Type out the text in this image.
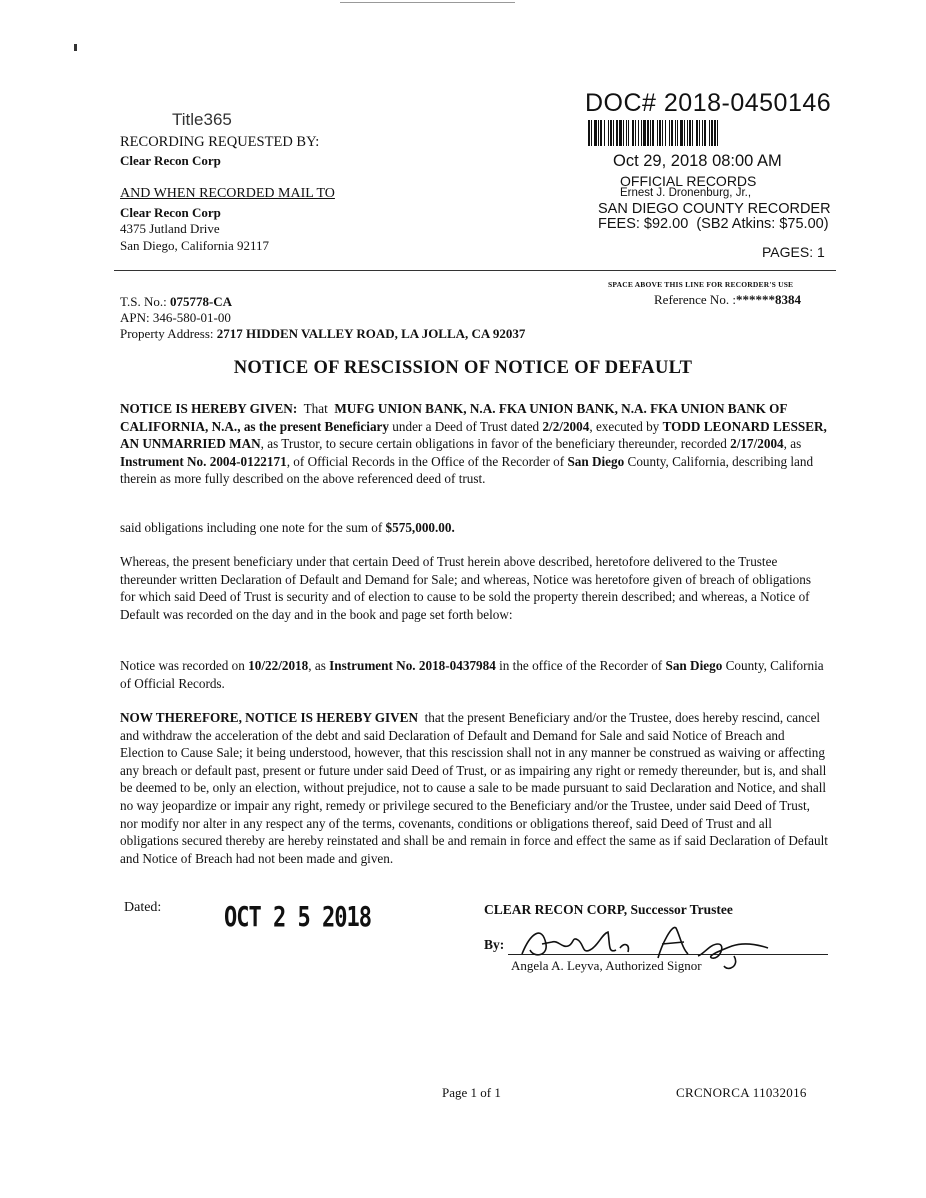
Title365
RECORDING REQUESTED BY:
Clear Recon Corp
AND WHEN RECORDED MAIL TO
Clear Recon Corp
4375 Jutland Drive
San Diego, California 92117
DOC# 2018-0450146
Oct 29, 2018 08:00 AM
OFFICIAL RECORDS
Ernest J. Dronenburg, Jr.,
SAN DIEGO COUNTY RECORDER
FEES: $92.00  (SB2 Atkins: $75.00)
PAGES: 1
SPACE ABOVE THIS LINE FOR RECORDER'S USE
Reference No. :******8384
T.S. No.: 075778-CA
APN: 346-580-01-00
Property Address: 2717 HIDDEN VALLEY ROAD, LA JOLLA, CA 92037
NOTICE OF RESCISSION OF NOTICE OF DEFAULT

NOTICE IS HEREBY GIVEN:  That  MUFG UNION BANK, N.A. FKA UNION BANK, N.A. FKA UNION BANK OF CALIFORNIA, N.A., as the present Beneficiary under a Deed of Trust dated 2/2/2004, executed by TODD LEONARD LESSER, AN UNMARRIED MAN, as Trustor, to secure certain obligations in favor of the beneficiary thereunder, recorded 2/17/2004, as Instrument No. 2004-0122171, of Official Records in the Office of the Recorder of San Diego County, California, describing land therein as more fully described on the above referenced deed of trust.

said obligations including one note for the sum of $575,000.00.

Whereas, the present beneficiary under that certain Deed of Trust herein above described, heretofore delivered to the Trustee thereunder written Declaration of Default and Demand for Sale; and whereas, Notice was heretofore given of breach of obligations for which said Deed of Trust is security and of election to cause to be sold the property therein described; and whereas, a Notice of Default was recorded on the day and in the book and page set forth below:

Notice was recorded on 10/22/2018, as Instrument No. 2018-0437984 in the office of the Recorder of San Diego County, California of Official Records.

NOW THEREFORE, NOTICE IS HEREBY GIVEN  that the present Beneficiary and/or the Trustee, does hereby rescind, cancel and withdraw the acceleration of the debt and said Declaration of Default and Demand for Sale and said Notice of Breach and Election to Cause Sale; it being understood, however, that this rescission shall not in any manner be construed as waiving or affecting any breach or default past, present or future under said Deed of Trust, or as impairing any right or remedy thereunder, but is, and shall be deemed to be, only an election, without prejudice, not to cause a sale to be made pursuant to said Declaration and Notice, and shall no way jeopardize or impair any right, remedy or privilege secured to the Beneficiary and/or the Trustee, under said Deed of Trust, nor modify nor alter in any respect any of the terms, covenants, conditions or obligations thereof, said Deed of Trust and all obligations secured thereby are hereby reinstated and shall be and remain in force and effect the same as if said Declaration of Default and Notice of Breach had not been made and given.

Dated:	OCT 2 5 2018	CLEAR RECON CORP, Successor Trustee
By:
Angela A. Leyva, Authorized Signor
Page 1 of 1	CRCNORCA 11032016
